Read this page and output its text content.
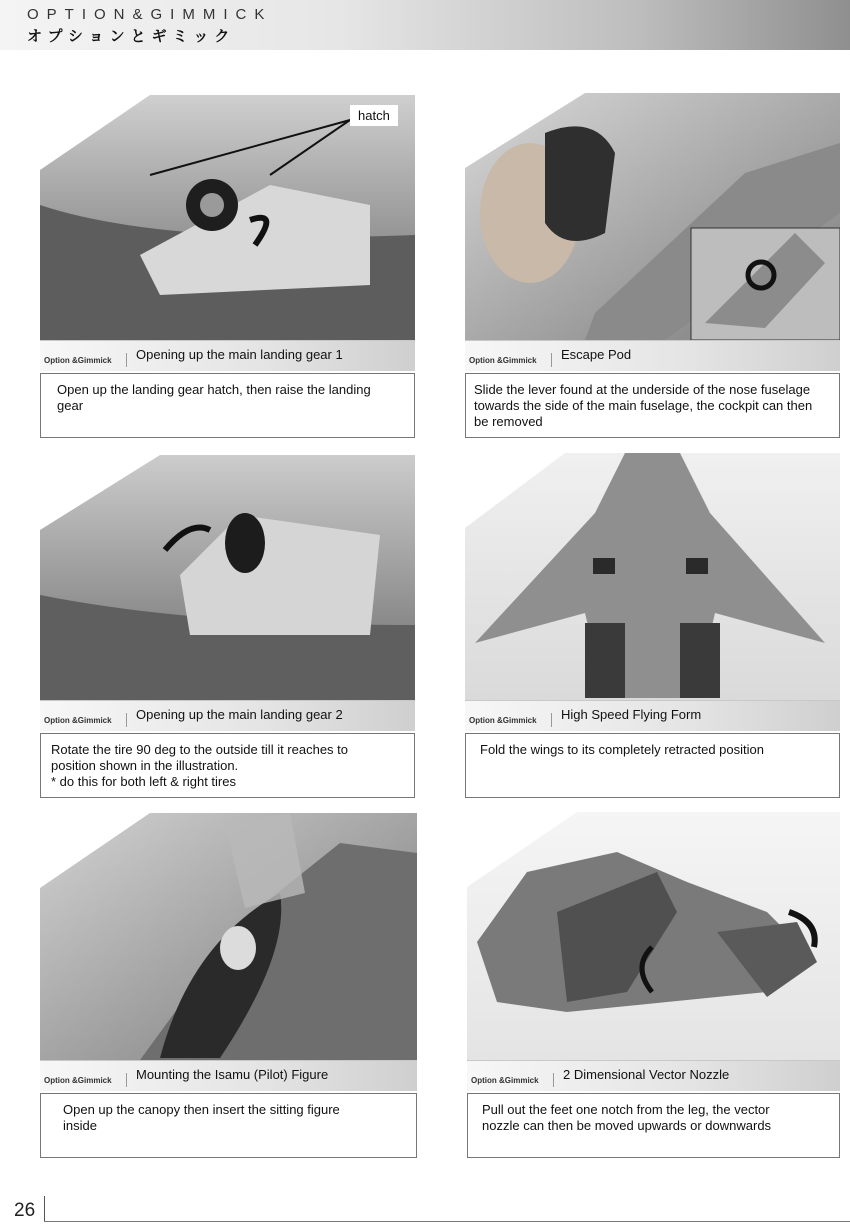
OPTION&GIMMICK
オプションとギミック
hatch
Option &Gimmick Opening up the main landing gear 1
Open up the landing gear hatch, then raise the landing
gear
Option &Gimmick Escape Pod
Slide the lever found at the underside of the nose fuselage
towards the side of the main fuselage, the cockpit can then
be removed
Option &Gimmick Opening up the main landing gear 2
Rotate the tire 90 deg to the outside till it reaches to
position shown in the illustration.
* do this for both left & right tires
Option &Gimmick High Speed Flying Form
Fold the wings to its completely retracted position
Option &Gimmick Mounting the Isamu (Pilot) Figure
Open up the canopy then insert the sitting figure
inside
Option &Gimmick 2 Dimensional Vector Nozzle
Pull out the feet one notch from the leg, the vector
nozzle can then be moved upwards or downwards
26
